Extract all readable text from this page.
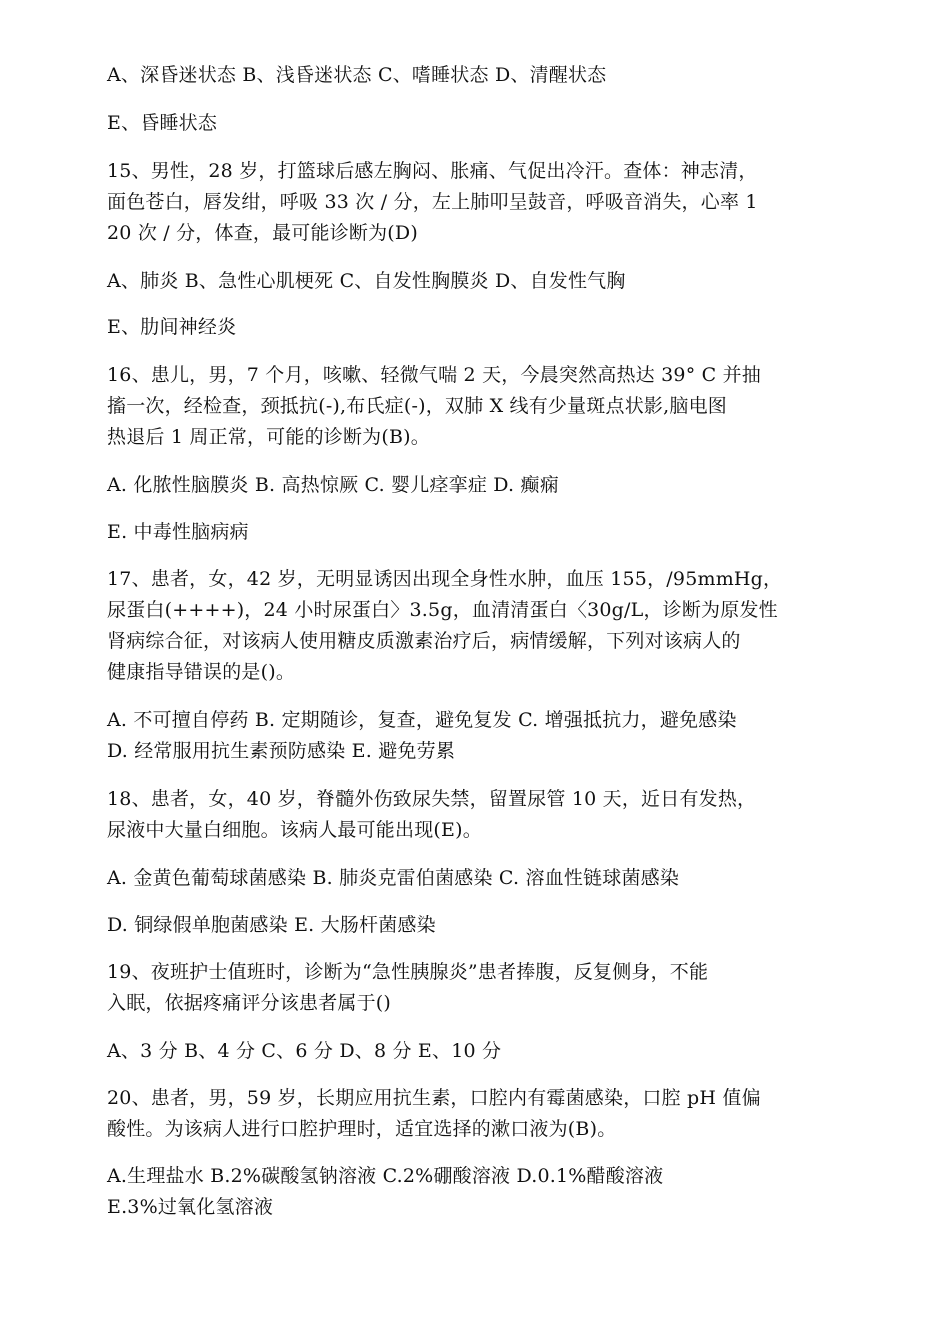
A、深昏迷状态 B、浅昏迷状态 C、嗜睡状态 D、清醒状态
E、昏睡状态
15、男性，28 岁，打篮球后感左胸闷、胀痛、气促出冷汗。查体：神志清，
面色苍白，唇发绀，呼吸 33 次 / 分，左上肺叩呈鼓音，呼吸音消失，心率 1
20 次 / 分，体查，最可能诊断为(D)
A、肺炎 B、急性心肌梗死 C、自发性胸膜炎 D、自发性气胸
E、肋间神经炎
16、患儿，男，7 个月，咳嗽、轻微气喘 2 天，今晨突然高热达 39° C 并抽
搐一次，经检查，颈抵抗(-),布氏症(-)，双肺 X 线有少量斑点状影,脑电图
热退后 1 周正常，可能的诊断为(B)。
A. 化脓性脑膜炎 B. 高热惊厥 C. 婴儿痉挛症 D. 癫痫
E. 中毒性脑病病
17、患者，女，42 岁，无明显诱因出现全身性水肿，血压 155，/95mmHg，
尿蛋白(++++)，24 小时尿蛋白〉3.5g，血清清蛋白〈30g/L，诊断为原发性
肾病综合征，对该病人使用糖皮质激素治疗后，病情缓解，下列对该病人的
健康指导错误的是()。
A. 不可擅自停药 B. 定期随诊，复查，避免复发 C. 增强抵抗力，避免感染
D. 经常服用抗生素预防感染 E. 避免劳累
18、患者，女，40 岁，脊髓外伤致尿失禁，留置尿管 10 天，近日有发热，
尿液中大量白细胞。该病人最可能出现(E)。
A. 金黄色葡萄球菌感染 B. 肺炎克雷伯菌感染 C. 溶血性链球菌感染
D. 铜绿假单胞菌感染 E. 大肠杆菌感染
19、夜班护士值班时，诊断为“急性胰腺炎”患者捧腹，反复侧身，不能
入眠，依据疼痛评分该患者属于()
A、3 分 B、4 分 C、6 分 D、8 分 E、10 分
20、患者，男，59 岁，长期应用抗生素，口腔内有霉菌感染，口腔 pH 值偏
酸性。为该病人进行口腔护理时，适宜选择的漱口液为(B)。
A.生理盐水 B.2%碳酸氢钠溶液 C.2%硼酸溶液 D.0.1%醋酸溶液
E.3%过氧化氢溶液
